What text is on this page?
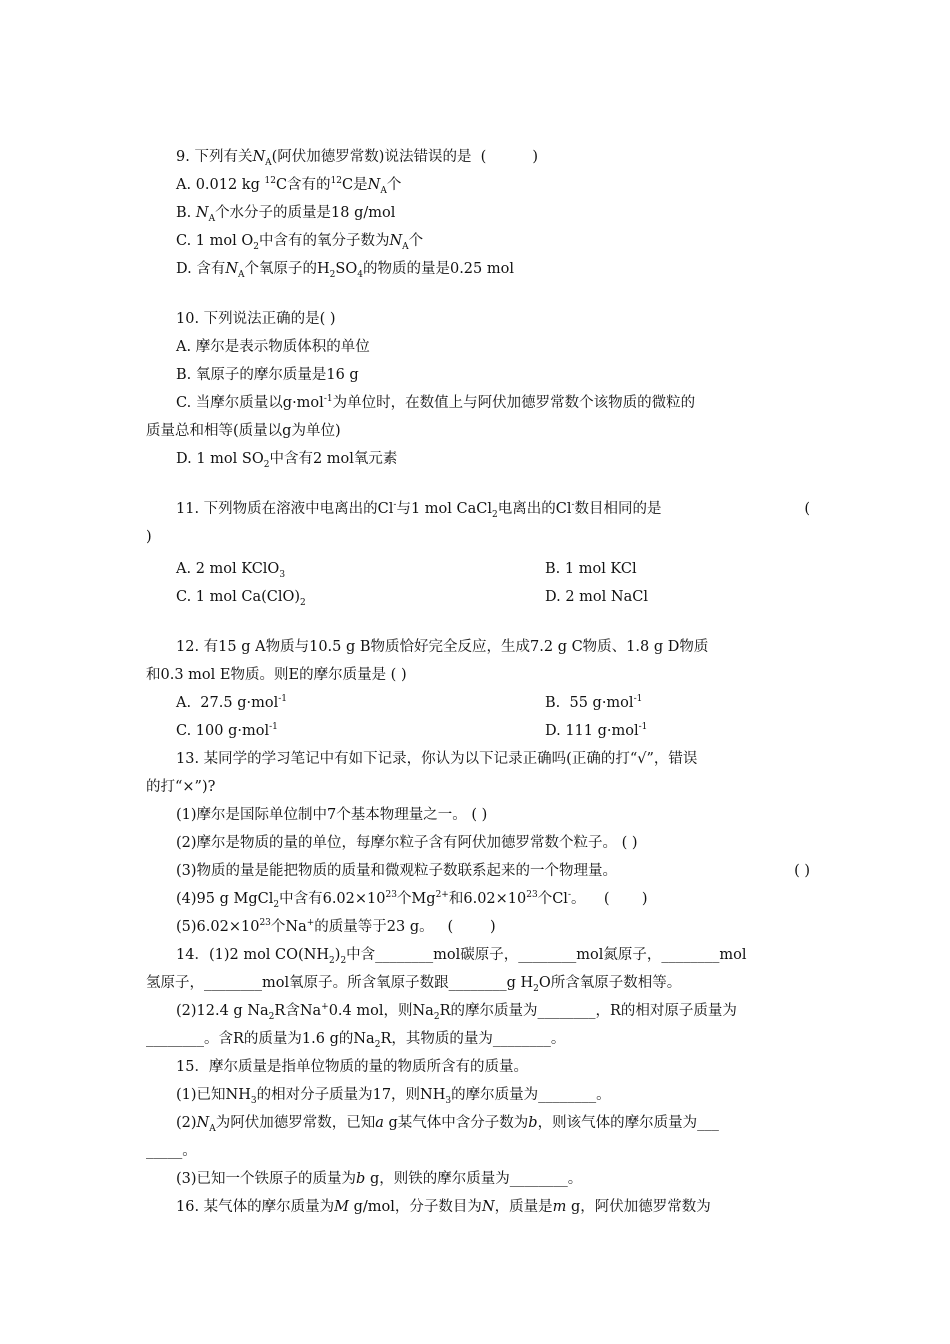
9. 下列有关$N_A$(阿伏加德罗常数)说法错误的是  (          )
A. 0.012 kg $^{12}$C含有的$^{12}$C是$N_A$个
B. $N_A$个水分子的质量是18 g/mol
C. 1 mol $O_2$中含有的氧分子数为$N_A$个
D. 含有$N_A$个氧原子的$H_2SO_4$的物质的量是0.25 mol
10. 下列说法正确的是( )
A. 摩尔是表示物质体积的单位
B. 氧原子的摩尔质量是16 g
C. 当摩尔质量以g·mol$^{-1}$为单位时，在数值上与阿伏加德罗常数个该物质的微粒的
质量总和相等(质量以g为单位)
D. 1 mol $SO_2$中含有2 mol氧元素
11. 下列物质在溶液中电离出的Cl-与1 mol CaCl$_2$电离出的Cl-数目相同的是	(
)
A. 2 mol KClO$_3$	B. 1 mol KCl
C. 1 mol $Ca(ClO)_2$	D. 2 mol NaCl
12. 有15 g A物质与10.5 g B物质恰好完全反应，生成7.2 g C物质、1.8 g D物质
和0.3 mol E物质。则E的摩尔质量是 ( )
A.  27.5 g·mol$^{-1}$	B.  55 g·mol$^{-1}$
C. 100 g·mol$^{-1}$	D. 111 g·mol$^{-1}$
13. 某同学的学习笔记中有如下记录，你认为以下记录正确吗(正确的打“√”，错误
的打“×”)?
(1)摩尔是国际单位制中7个基本物理量之一。 ( )
(2)摩尔是物质的量的单位，每摩尔粒子含有阿伏加德罗常数个粒子。 ( )
(3)物质的量是能把物质的质量和微观粒子数联系起来的一个物理量。	( )
(4)95 g MgCl$_2$中含有$6.02\times 10^{23}$个$Mg^{2+}$和$6.02\times 10^{23}$个Cl-。    (       )
$(5)6.02\times 10^{23}$个Na+的质量等于23 g。   (        )
14．(1)2 mol $CO(NH_2)_2$中含________mol碳原子，________mol氮原子，________mol
氢原子，________mol氧原子。所含氧原子数跟________g $H_2O$所含氧原子数相等。
(2)12.4 g $Na_2R$含Na+0.4 mol，则$Na_2R$的摩尔质量为________，R的相对原子质量为
________。含R的质量为1.6 g的$Na_2R$，其物质的量为________。
15．摩尔质量是指单位物质的量的物质所含有的质量。
(1)已知$NH_3$的相对分子质量为17，则$NH_3$的摩尔质量为________。
$(2)N_A$为阿伏加德罗常数，已知a g某气体中含分子数为b，则该气体的摩尔质量为___
_____。
(3)已知一个铁原子的质量为b g，则铁的摩尔质量为________。
16. 某气体的摩尔质量为M g/mol，分子数目为N，质量是m g，阿伏加德罗常数为
